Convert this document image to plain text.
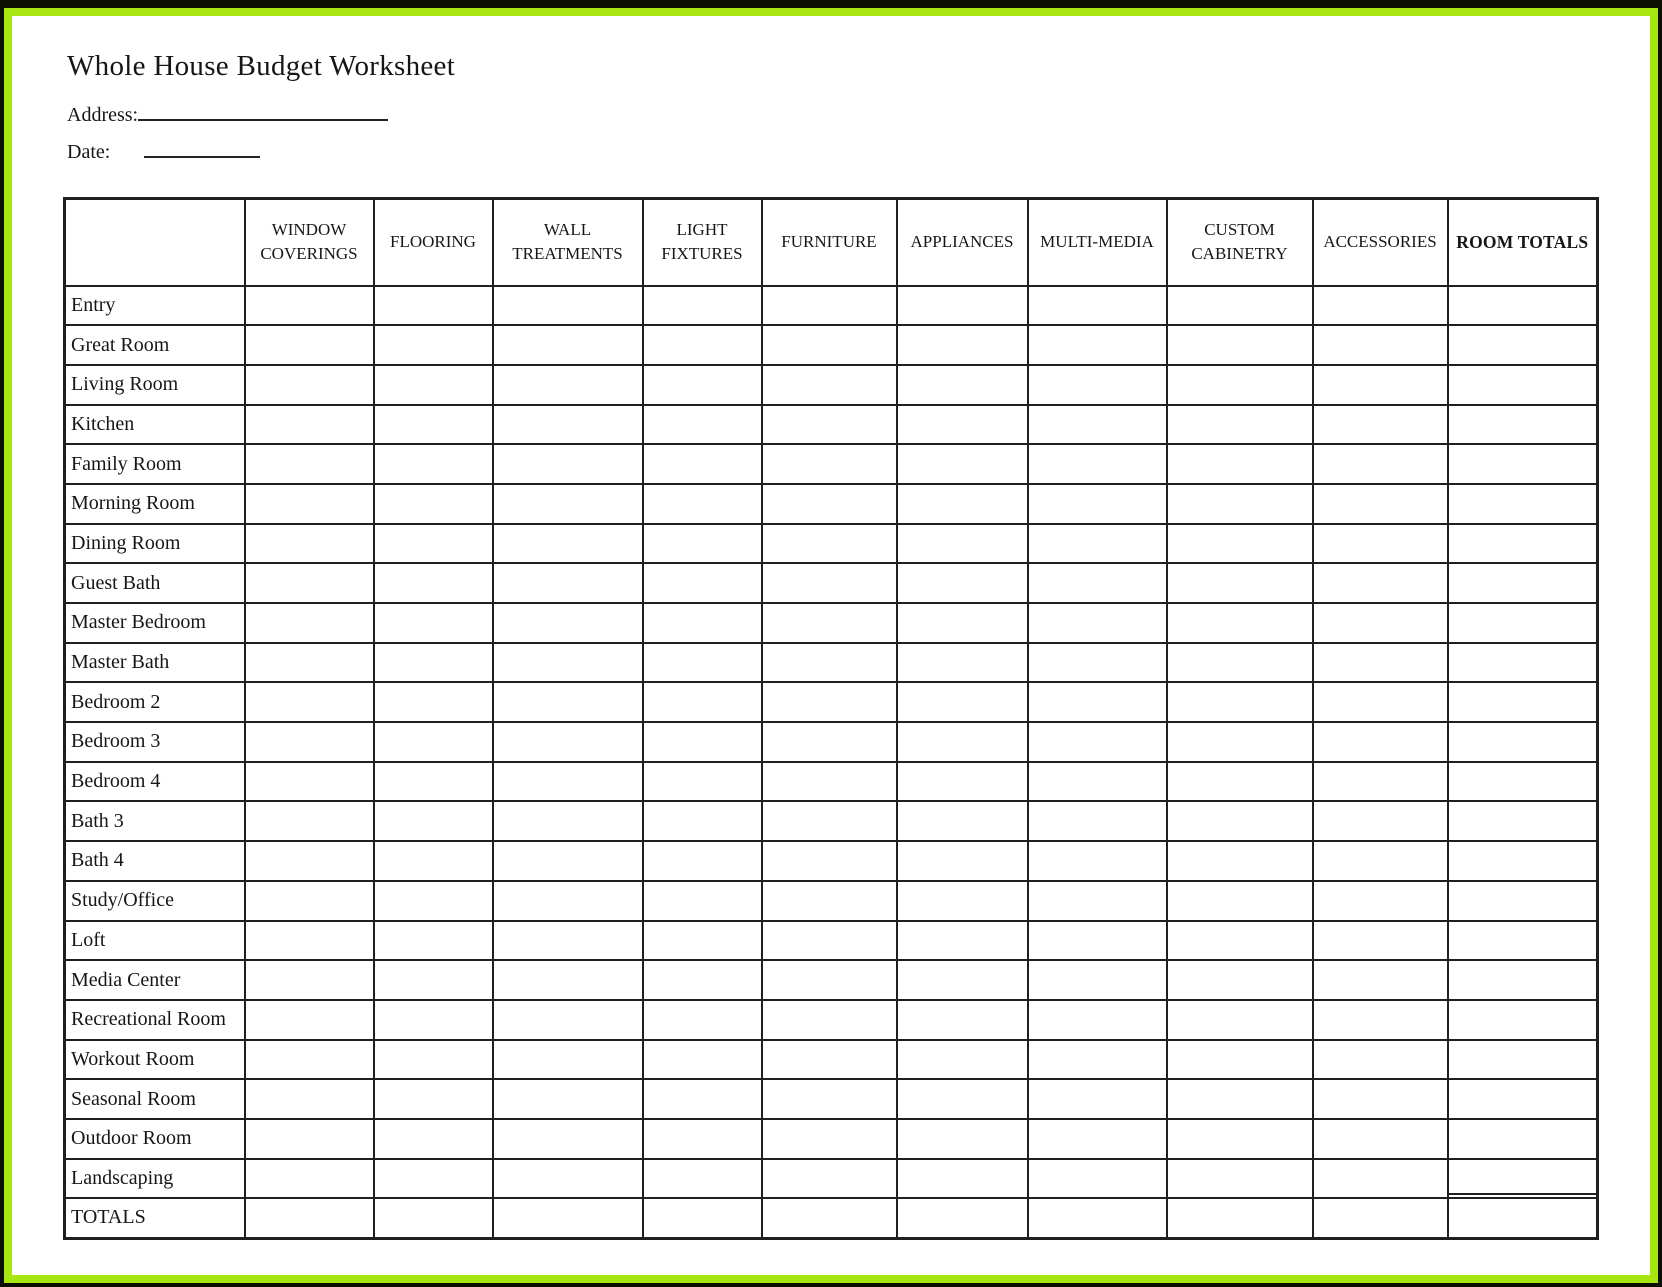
Whole House Budget Worksheet
Address:
Date:
	WINDOW COVERINGS	FLOORING	WALL TREATMENTS	LIGHT FIXTURES	FURNITURE	APPLIANCES	MULTI-MEDIA	CUSTOM CABINETRY	ACCESSORIES	ROOM TOTALS
Entry										
Great Room										
Living Room										
Kitchen										
Family Room										
Morning Room										
Dining Room										
Guest Bath										
Master Bedroom										
Master Bath										
Bedroom 2										
Bedroom 3										
Bedroom 4										
Bath 3										
Bath 4										
Study/Office										
Loft										
Media Center										
Recreational Room										
Workout Room										
Seasonal Room										
Outdoor Room										
Landscaping										
TOTALS										
